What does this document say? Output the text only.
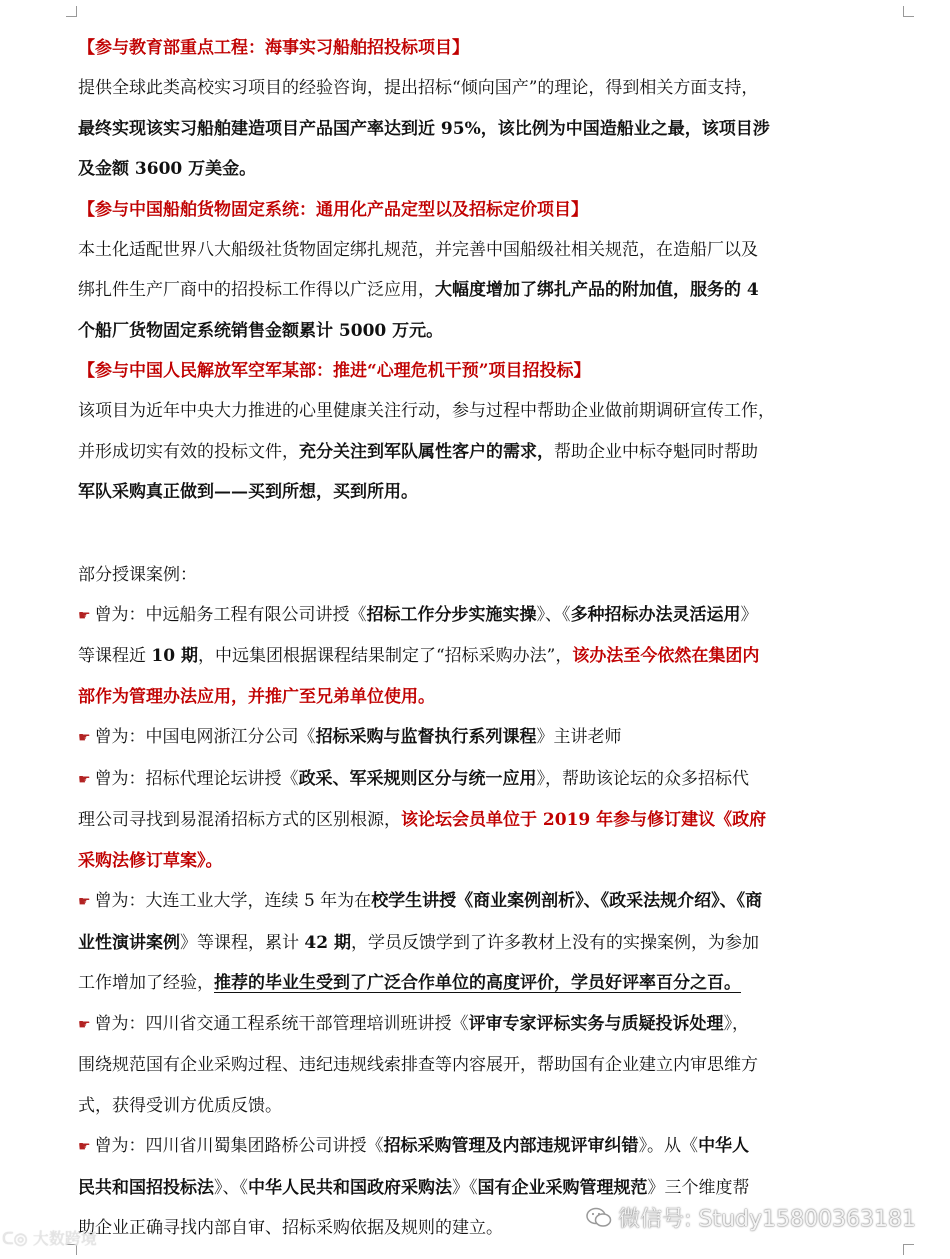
【参与教育部重点工程：海事实习船舶招投标项目】

提供全球此类高校实习项目的经验咨询，提出招标“倾向国产”的理论，得到相关方面支持，
最终实现该实习船舶建造项目产品国产率达到近 95%，该比例为中国造船业之最，该项目涉
及金额 3600 万美金。

【参与中国船舶货物固定系统：通用化产品定型以及招标定价项目】

本土化适配世界八大船级社货物固定绑扎规范，并完善中国船级社相关规范，在造船厂以及
绑扎件生产厂商中的招投标工作得以广泛应用，大幅度增加了绑扎产品的附加值，服务的 4
个船厂货物固定系统销售金额累计 5000 万元。

【参与中国人民解放军空军某部：推进“心理危机干预”项目招投标】

该项目为近年中央大力推进的心里健康关注行动，参与过程中帮助企业做前期调研宣传工作，
并形成切实有效的投标文件，充分关注到军队属性客户的需求，帮助企业中标夺魁同时帮助
军队采购真正做到——买到所想，买到所用。

部分授课案例：

☛ 曾为：中远船务工程有限公司讲授《招标工作分步实施实操》、《多种招标办法灵活运用》
等课程近 10 期，中远集团根据课程结果制定了“招标采购办法”，该办法至今依然在集团内
部作为管理办法应用，并推广至兄弟单位使用。

☛ 曾为：中国电网浙江分公司《招标采购与监督执行系列课程》主讲老师

☛ 曾为：招标代理论坛讲授《政采、军采规则区分与统一应用》，帮助该论坛的众多招标代
理公司寻找到易混淆招标方式的区别根源，该论坛会员单位于 2019 年参与修订建议《政府
采购法修订草案》。

☛ 曾为：大连工业大学，连续 5 年为在校学生讲授《商业案例剖析》、《政采法规介绍》、《商
业性演讲案例》等课程，累计 42 期，学员反馈学到了许多教材上没有的实操案例，为参加
工作增加了经验，推荐的毕业生受到了广泛合作单位的高度评价，学员好评率百分之百。

☛ 曾为：四川省交通工程系统干部管理培训班讲授《评审专家评标实务与质疑投诉处理》，
围绕规范国有企业采购过程、违纪违规线索排查等内容展开，帮助国有企业建立内审思维方
式，获得受训方优质反馈。

☛ 曾为：四川省川蜀集团路桥公司讲授《招标采购管理及内部违规评审纠错》。从《中华人
民共和国招投标法》、《中华人民共和国政府采购法》《国有企业采购管理规范》三个维度帮
助企业正确寻找内部自审、招标采购依据及规则的建立。

ᑕ◎ 大数跨境
微信号: Study15800363181
